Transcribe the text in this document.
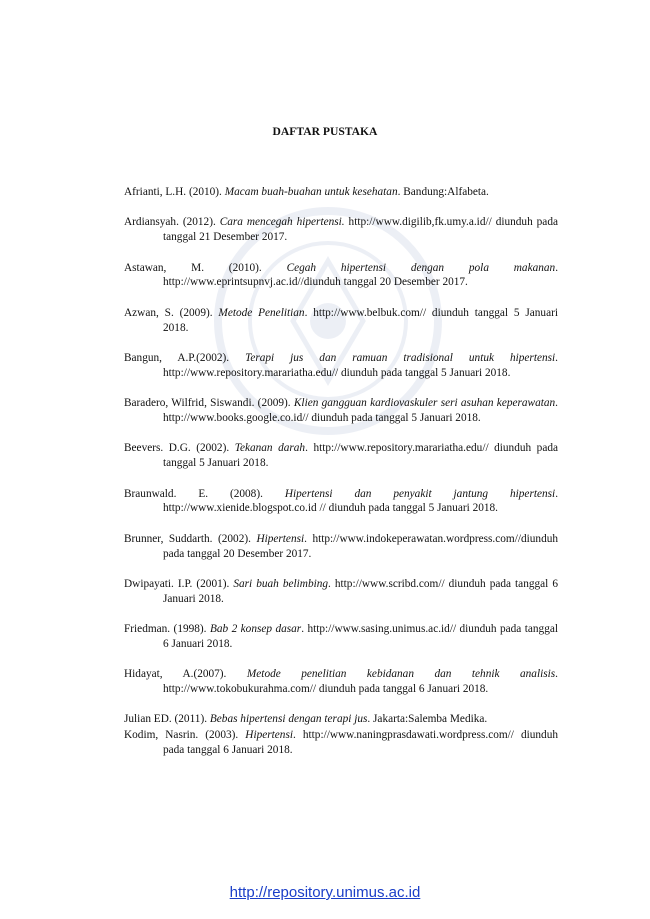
DAFTAR PUSTAKA
Afrianti, L.H. (2010). Macam buah-buahan untuk kesehatan. Bandung:Alfabeta.
Ardiansyah. (2012). Cara mencegah hipertensi. http://www.digilib,fk.umy.a.id// diunduh pada tanggal 21 Desember 2017.
Astawan, M. (2010). Cegah hipertensi dengan pola makanan. http://www.eprintsupnvj.ac.id//diunduh tanggal 20 Desember 2017.
Azwan, S. (2009). Metode Penelitian. http://www.belbuk.com// diunduh tanggal 5 Januari 2018.
Bangun, A.P.(2002). Terapi jus dan ramuan tradisional untuk hipertensi. http://www.repository.marariatha.edu// diunduh pada tanggal 5 Januari 2018.
Baradero, Wilfrid, Siswandi. (2009). Klien gangguan kardiovaskuler seri asuhan keperawatan. http://www.books.google.co.id// diunduh pada tanggal 5 Januari 2018.
Beevers. D.G. (2002). Tekanan darah. http://www.repository.marariatha.edu// diunduh pada tanggal 5 Januari 2018.
Braunwald. E. (2008). Hipertensi dan penyakit jantung hipertensi. http://www.xienide.blogspot.co.id // diunduh pada tanggal 5 Januari 2018.
Brunner, Suddarth. (2002). Hipertensi. http://www.indokeperawatan.wordpress.com//diunduh pada tanggal 20 Desember 2017.
Dwipayati. I.P. (2001). Sari buah belimbing. http://www.scribd.com// diunduh pada tanggal 6 Januari 2018.
Friedman. (1998). Bab 2 konsep dasar. http://www.sasing.unimus.ac.id// diunduh pada tanggal 6 Januari 2018.
Hidayat, A.(2007). Metode penelitian kebidanan dan tehnik analisis. http://www.tokobukurahma.com// diunduh pada tanggal 6 Januari 2018.
Julian ED. (2011). Bebas hipertensi dengan terapi jus. Jakarta:Salemba Medika.
Kodim, Nasrin. (2003). Hipertensi. http://www.naningprasdawati.wordpress.com// diunduh pada tanggal 6 Januari 2018.
http://repository.unimus.ac.id
